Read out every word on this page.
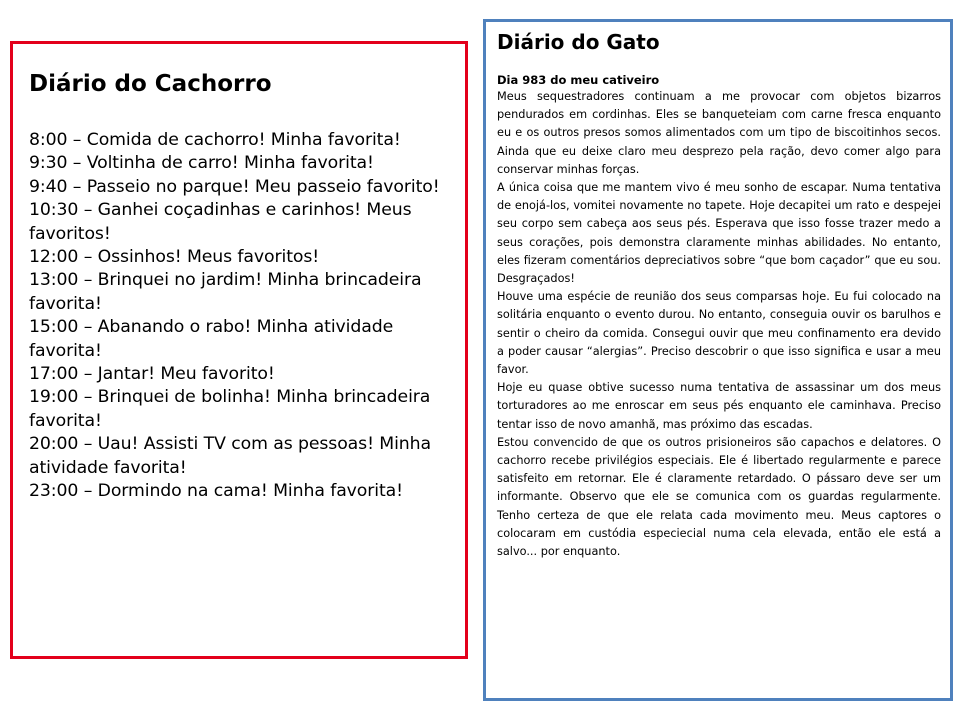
Diário do Cachorro
8:00 – Comida de cachorro! Minha favorita!
9:30 – Voltinha de carro! Minha favorita!
9:40 – Passeio no parque! Meu passeio favorito!
10:30 – Ganhei coçadinhas e carinhos! Meus favoritos!
12:00 – Ossinhos! Meus favoritos!
13:00 – Brinquei no jardim! Minha brincadeira favorita!
15:00 – Abanando o rabo! Minha atividade favorita!
17:00 – Jantar! Meu favorito!
19:00 – Brinquei de bolinha! Minha brincadeira favorita!
20:00 – Uau! Assisti TV com as pessoas! Minha atividade favorita!
23:00 – Dormindo na cama! Minha favorita!
Diário do Gato
Dia 983 do meu cativeiro

Meus sequestradores continuam a me provocar com objetos bizarros pendurados em cordinhas. Eles se banqueteiam com carne fresca enquanto eu e os outros presos somos alimentados com um tipo de biscoitinhos secos. Ainda que eu deixe claro meu desprezo pela ração, devo comer algo para conservar minhas forças.

A única coisa que me mantem vivo é meu sonho de escapar. Numa tentativa de enojá-los, vomitei novamente no tapete. Hoje decapitei um rato e despejei seu corpo sem cabeça aos seus pés. Esperava que isso fosse trazer medo a seus corações, pois demonstra claramente minhas abilidades. No entanto, eles fizeram comentários depreciativos sobre “que bom caçador” que eu sou. Desgraçados!

Houve uma espécie de reunião dos seus comparsas hoje. Eu fui colocado na solitária enquanto o evento durou. No entanto, conseguia ouvir os barulhos e sentir o cheiro da comida. Consegui ouvir que meu confinamento era devido a poder causar “alergias”. Preciso descobrir o que isso significa e usar a meu favor.

Hoje eu quase obtive sucesso numa tentativa de assassinar um dos meus torturadores ao me enroscar em seus pés enquanto ele caminhava. Preciso tentar isso de novo amanhã, mas próximo das escadas.

Estou convencido de que os outros prisioneiros são capachos e delatores. O cachorro recebe privilégios especiais. Ele é libertado regularmente e parece satisfeito em retornar. Ele é claramente retardado. O pássaro deve ser um informante. Observo que ele se comunica com os guardas regularmente. Tenho certeza de que ele relata cada movimento meu. Meus captores o colocaram em custódia especiecial numa cela elevada, então ele está a salvo... por enquanto.
